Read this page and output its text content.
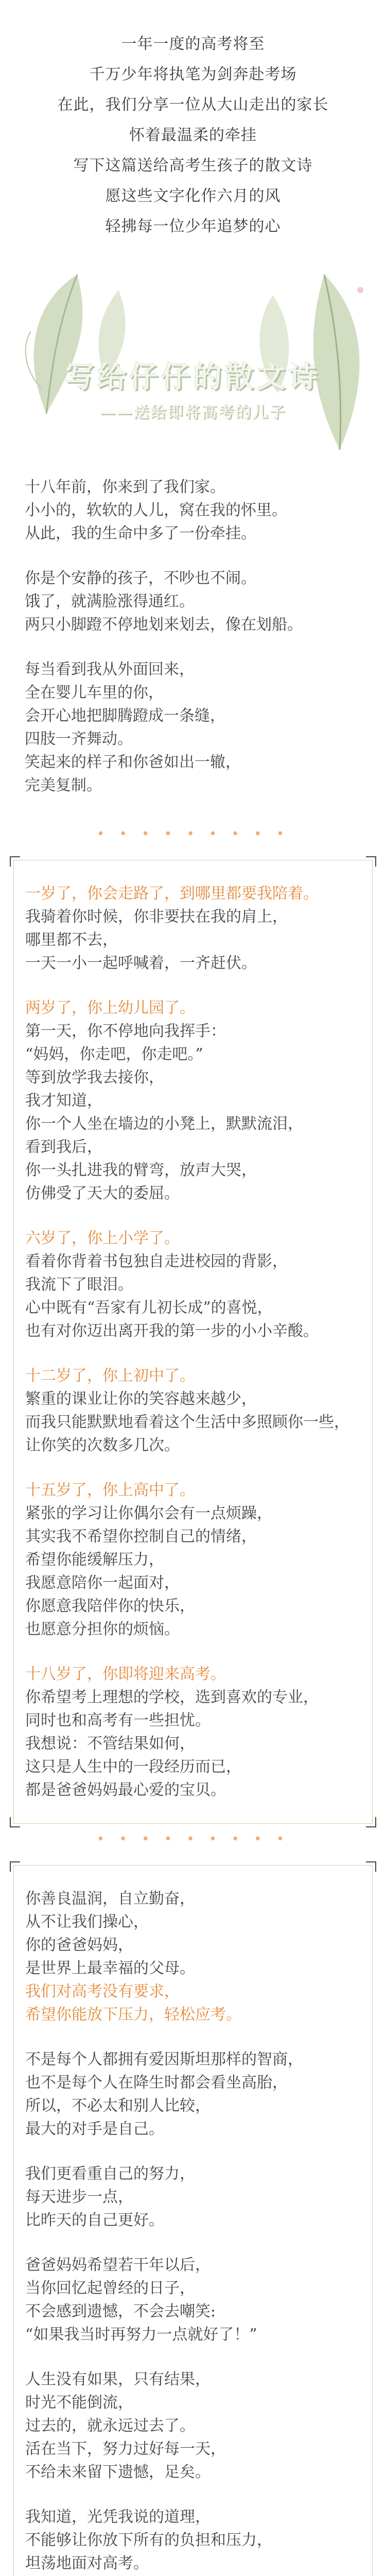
一年一度的高考将至

千万少年将执笔为剑奔赴考场

在此，我们分享一位从大山走出的家长

怀着最温柔的牵挂

写下这篇送给高考生孩子的散文诗

愿这些文字化作六月的风

轻拂每一位少年追梦的心

写给仔仔的散文诗
——送给即将高考的儿子

十八年前，你来到了我们家。

小小的，软软的人儿，窝在我的怀里。

从此，我的生命中多了一份牵挂。

你是个安静的孩子，不吵也不闹。

饿了，就满脸涨得通红。

两只小脚蹬不停地划来划去，像在划船。

每当看到我从外面回来，

全在婴儿车里的你，

会开心地把脚腾蹬成一条缝，

四肢一齐舞动。

笑起来的样子和你爸如出一辙，

完美复制。

• • • • • • • • •

一岁了，你会走路了，到哪里都要我陪着。

我骑着你时候，你非要扶在我的肩上，

哪里都不去，

一天一小一起呼喊着，一齐赶伏。

两岁了，你上幼儿园了。

第一天，你不停地向我挥手：

“妈妈，你走吧，你走吧。”

等到放学我去接你，

我才知道，

你一个人坐在墙边的小凳上，默默流泪，

看到我后，

你一头扎进我的臂弯，放声大哭，

仿佛受了天大的委屈。

六岁了，你上小学了。

看着你背着书包独自走进校园的背影，

我流下了眼泪。

心中既有“吾家有儿初长成”的喜悦，

也有对你迈出离开我的第一步的小小辛酸。

十二岁了，你上初中了。

繁重的课业让你的笑容越来越少，

而我只能默默地看着这个生活中多照顾你一些，

让你笑的次数多几次。

十五岁了，你上高中了。

紧张的学习让你偶尔会有一点烦躁，

其实我不希望你控制自己的情绪，

希望你能缓解压力，

我愿意陪你一起面对，

你愿意我陪伴你的快乐，

也愿意分担你的烦恼。

十八岁了，你即将迎来高考。

你希望考上理想的学校，选到喜欢的专业，

同时也和高考有一些担忧。

我想说：不管结果如何，

这只是人生中的一段经历而已，

都是爸爸妈妈最心爱的宝贝。

• • • • • • • • •

你善良温润，自立勤奋，

从不让我们操心，

你的爸爸妈妈，

是世界上最幸福的父母。

我们对高考没有要求，

希望你能放下压力，轻松应考。

不是每个人都拥有爱因斯坦那样的智商，

也不是每个人在降生时都会看坐高胎，

所以，不必太和别人比较，

最大的对手是自己。

我们更看重自己的努力，

每天进步一点，

比昨天的自己更好。

爸爸妈妈希望若干年以后，

当你回忆起曾经的日子，

不会感到遗憾，不会去嘲笑:

“如果我当时再努力一点就好了！”

人生没有如果，只有结果，

时光不能倒流，

过去的，就永远过去了。

活在当下，努力过好每一天，

不给未来留下遗憾，足矣。

我知道，光凭我说的道理，

不能够让你放下所有的负担和压力，

坦荡地面对高考。
